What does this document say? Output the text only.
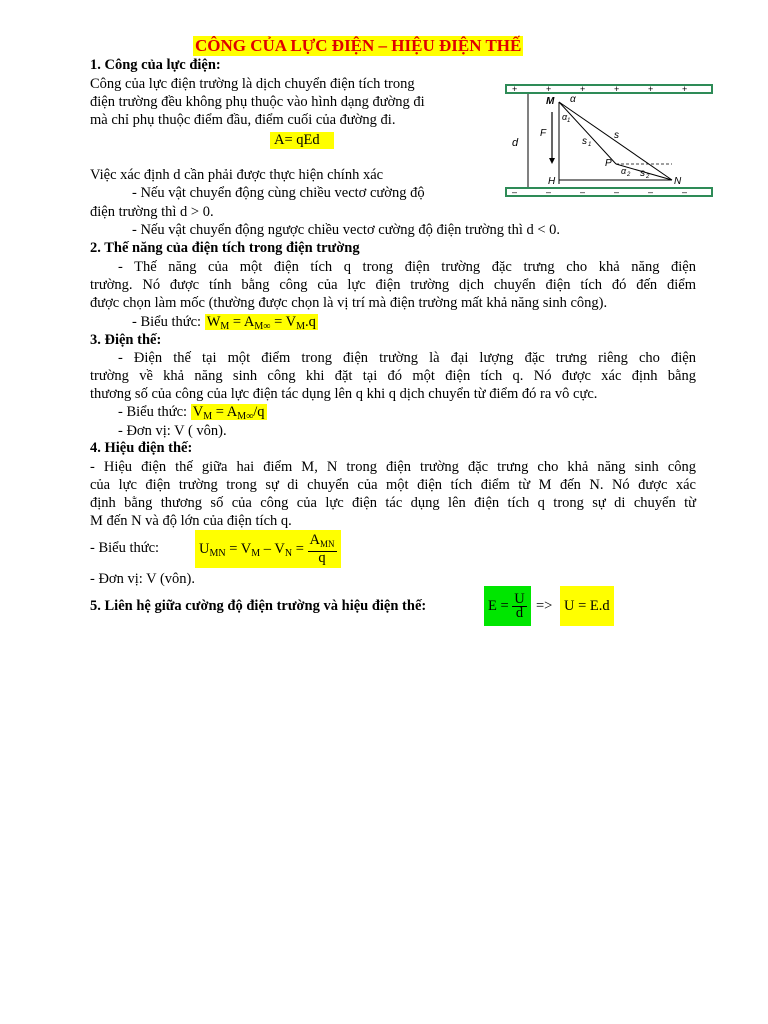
CÔNG CỦA LỰC ĐIỆN – HIỆU ĐIỆN THẾ
1. Công của lực điện:
Công của lực điện trường là dịch chuyển điện tích trong
điện trường đều không phụ thuộc vào hình dạng đường đi
mà chỉ phụ thuộc điểm đầu, điểm cuối của đường đi.
A= qEd
Việc xác định d cần phải được thực hiện chính xác
- Nếu vật chuyển động cùng chiều vectơ cường độ
điện trường thì d > 0.
- Nếu vật chuyển động ngược chiều vectơ cường độ điện trường thì d < 0.
+	+	+	+	+	+
–	–	–	–	–	–
d
M α
α 1
F	s
s 1
P
α 2 s 2
H	N
2. Thế năng của điện tích trong điện trường
- Thế năng của một điện tích q trong điện trường đặc trưng cho khả năng điện
trường. Nó được tính bằng công của lực điện trường dịch chuyển điện tích đó đến điểm
được chọn làm mốc (thường được chọn là vị trí mà điện trường mất khả năng sinh công).
- Biểu thức: $W_M = A_{M\infty} = V_M.q$
3. Điện thế:
- Điện thế tại một điểm trong điện trường là đại lượng đặc trưng riêng cho điện
trường về khả năng sinh công khi đặt tại đó một điện tích q. Nó được xác định bằng
thương số của công của lực điện tác dụng lên q khi q dịch chuyển từ điểm đó ra vô cực.
- Biểu thức: $V_M = A_{M\infty}/q$
- Đơn vị: V ( vôn).
4. Hiệu điện thế:
- Hiệu điện thế giữa hai điểm M, N trong điện trường đặc trưng cho khả năng sinh công
của lực điện trường trong sự di chuyển của một điện tích điểm từ M đến N. Nó được xác
định bằng thương số của công của lực điện tác dụng lên điện tích q trong sự di chuyển từ
M đến N và độ lớn của điện tích q.
- Biểu thức:	$U_{MN} = V_M - V_N = \frac{A_{MN}}{q}$
- Đơn vị: V (vôn).
5. Liên hệ giữa cường độ điện trường và hiệu điện thế:	$E = \frac{U}{d} => U = E.d$
